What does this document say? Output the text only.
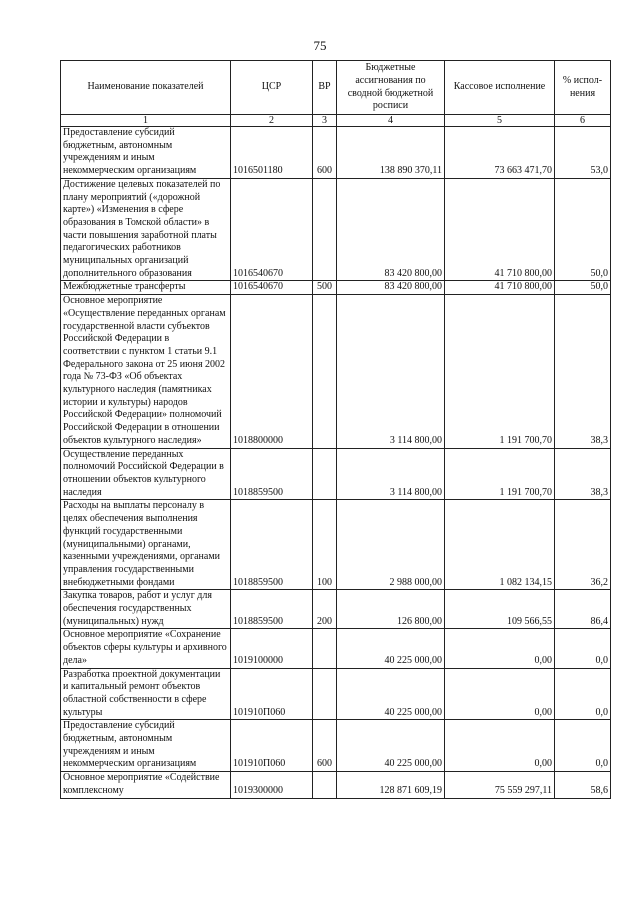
75
Наименование показателей	ЦСР	ВР	Бюджетные ассигнования по сводной бюджетной росписи	Кассовое исполнение	% испол-нения
1	2	3	4	5	6
Предоставление субсидий бюджетным, автономным учреждениям и иным некоммерческим организациям	1016501180	600	138 890 370,11	73 663 471,70	53,0
Достижение целевых показателей по плану мероприятий («дорожной карте») «Изменения в сфере образования в Томской области» в части повышения заработной платы педагогических работников муниципальных организаций дополнительного образования	1016540670		83 420 800,00	41 710 800,00	50,0
Межбюджетные трансферты	1016540670	500	83 420 800,00	41 710 800,00	50,0
Основное мероприятие «Осуществление переданных органам государственной власти субъектов Российской Федерации в соответствии с пунктом 1 статьи 9.1 Федерального закона от 25 июня 2002 года № 73-ФЗ «Об объектах культурного наследия (памятниках истории и культуры) народов Российской Федерации» полномочий Российской Федерации в отношении объектов культурного наследия»	1018800000		3 114 800,00	1 191 700,70	38,3
Осуществление переданных полномочий Российской Федерации в отношении объектов культурного наследия	1018859500		3 114 800,00	1 191 700,70	38,3
Расходы на выплаты персоналу в целях обеспечения выполнения функций государственными (муниципальными) органами, казенными учреждениями, органами управления государственными внебюджетными фондами	1018859500	100	2 988 000,00	1 082 134,15	36,2
Закупка товаров, работ и услуг для обеспечения государственных (муниципальных) нужд	1018859500	200	126 800,00	109 566,55	86,4
Основное мероприятие «Сохранение объектов сферы культуры и архивного дела»	1019100000		40 225 000,00	0,00	0,0
Разработка проектной документации и капитальный ремонт объектов областной собственности в сфере культуры	101910П060		40 225 000,00	0,00	0,0
Предоставление субсидий бюджетным, автономным учреждениям и иным некоммерческим организациям	101910П060	600	40 225 000,00	0,00	0,0
Основное мероприятие «Содействие комплексному	1019300000		128 871 609,19	75 559 297,11	58,6
